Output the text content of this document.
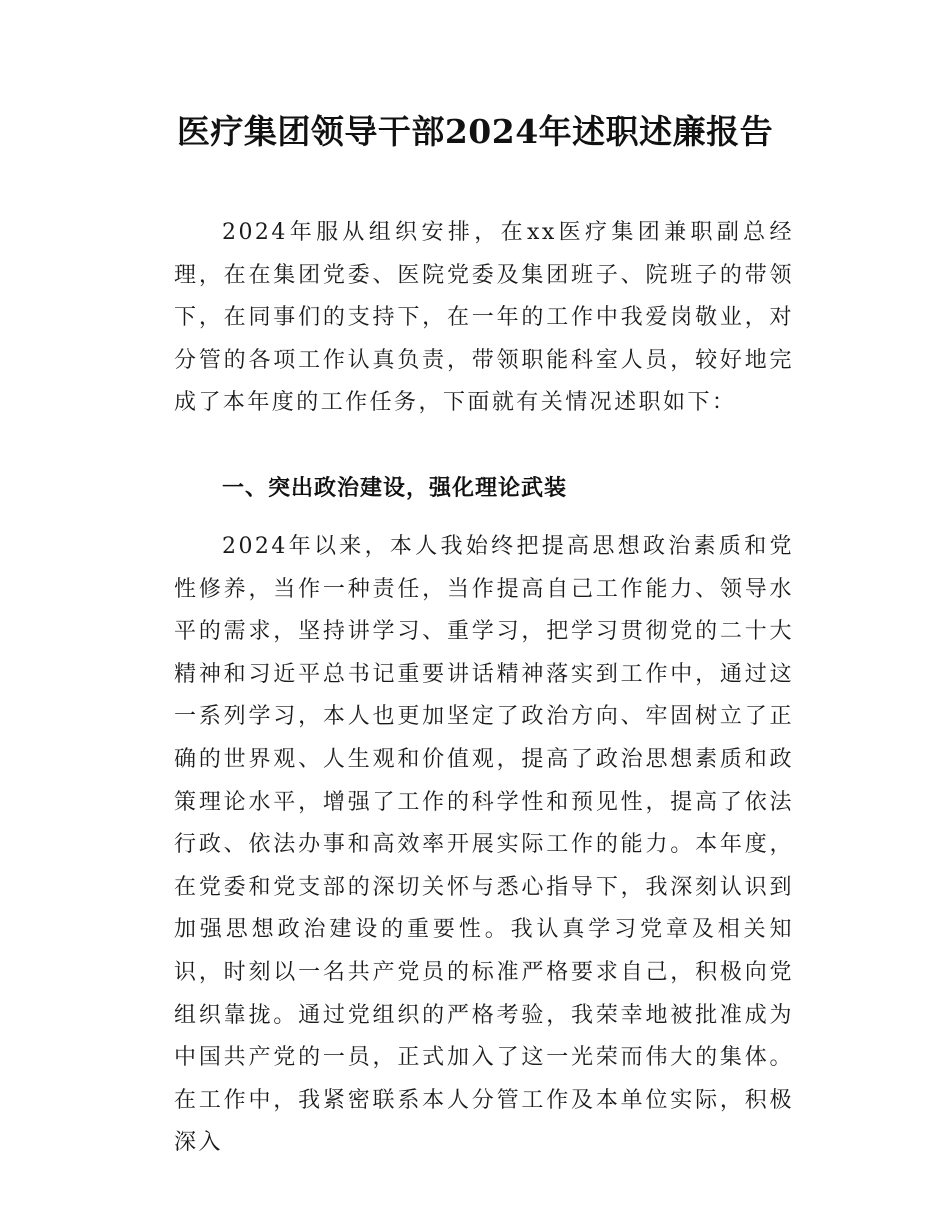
医疗集团领导干部2024年述职述廉报告

2024年服从组织安排，在xx医疗集团兼职副总经理，在在集团党委、医院党委及集团班子、院班子的带领下，在同事们的支持下，在一年的工作中我爱岗敬业，对分管的各项工作认真负责，带领职能科室人员，较好地完成了本年度的工作任务，下面就有关情况述职如下：

一、突出政治建设，强化理论武装

2024年以来，本人我始终把提高思想政治素质和党性修养，当作一种责任，当作提高自己工作能力、领导水平的需求，坚持讲学习、重学习，把学习贯彻党的二十大精神和习近平总书记重要讲话精神落实到工作中，通过这一系列学习，本人也更加坚定了政治方向、牢固树立了正确的世界观、人生观和价值观，提高了政治思想素质和政策理论水平，增强了工作的科学性和预见性，提高了依法行政、依法办事和高效率开展实际工作的能力。本年度，在党委和党支部的深切关怀与悉心指导下，我深刻认识到加强思想政治建设的重要性。我认真学习党章及相关知识，时刻以一名共产党员的标准严格要求自己，积极向党组织靠拢。通过党组织的严格考验，我荣幸地被批准成为中国共产党的一员，正式加入了这一光荣而伟大的集体。在工作中，我紧密联系本人分管工作及本单位实际，积极深入
